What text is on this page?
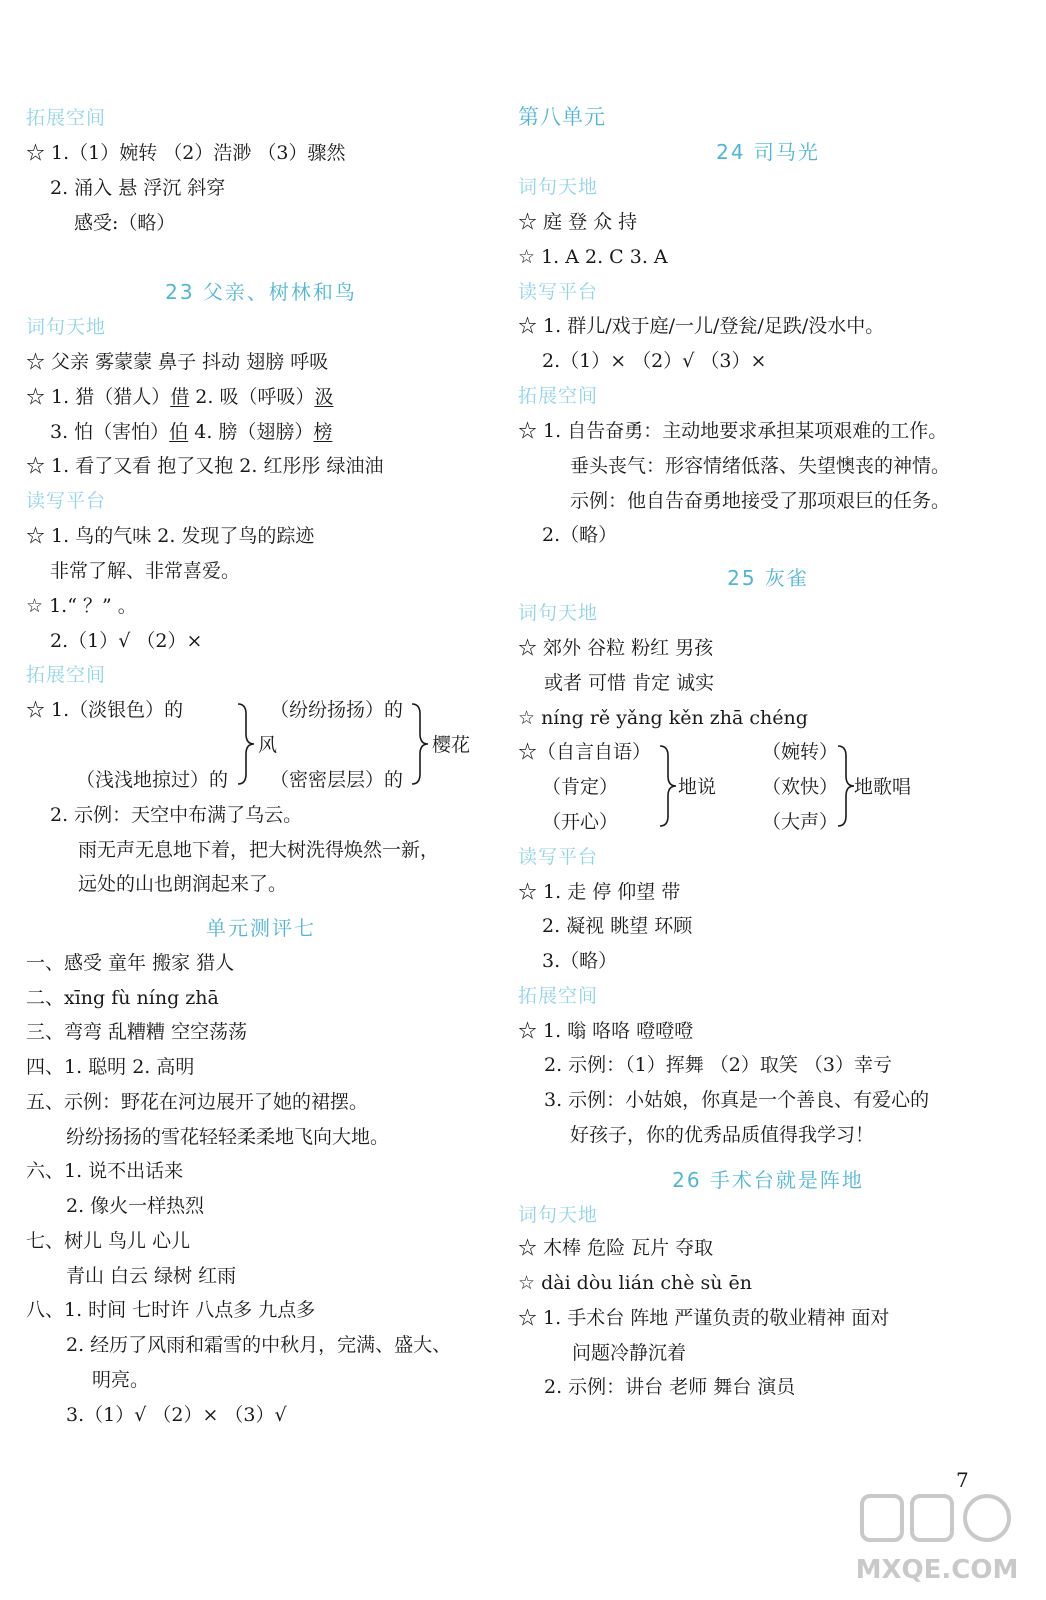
拓展空间
☆ 1.（1）婉转 （2）浩渺 （3）骤然
2. 涌入 悬 浮沉 斜穿
感受:（略）
23 父亲、树林和鸟
词句天地
☆ 父亲 雾蒙蒙 鼻子 抖动 翅膀 呼吸
☆ 1. 猎（猎人）借 2. 吸（呼吸）汲
3. 怕（害怕）伯 4. 膀（翅膀）榜
☆ 1. 看了又看 抱了又抱 2. 红彤彤 绿油油
读写平台
☆ 1. 鸟的气味 2. 发现了鸟的踪迹
非常了解、非常喜爱。
☆ 1.“ ？” 。
2.（1）√ （2）×
拓展空间
☆ 1.（淡银色）的	（纷纷扬扬）的
风	樱花
（浅浅地掠过）的 （密密层层）的
2. 示例：天空中布满了乌云。
雨无声无息地下着，把大树洗得焕然一新，
远处的山也朗润起来了。
单元测评七
一、感受 童年 搬家 猎人
二、xīng fù níng zhā
三、弯弯 乱糟糟 空空荡荡
四、1. 聪明 2. 高明
五、示例：野花在河边展开了她的裙摆。
纷纷扬扬的雪花轻轻柔柔地飞向大地。
六、1. 说不出话来
2. 像火一样热烈
七、树儿 鸟儿 心儿
青山 白云 绿树 红雨
八、1. 时间 七时许 八点多 九点多
2. 经历了风雨和霜雪的中秋月，完满、盛大、
明亮。
3.（1）√ （2）× （3）√
第八单元
24 司马光
词句天地
☆ 庭 登 众 持
☆ 1. A 2. C 3. A
读写平台
☆ 1. 群儿/戏于庭/一儿/登瓮/足跌/没水中。
2.（1）× （2）√ （3）×
拓展空间
☆ 1. 自告奋勇：主动地要求承担某项艰难的工作。
垂头丧气：形容情绪低落、失望懊丧的神情。
示例：他自告奋勇地接受了那项艰巨的任务。
2.（略）
25 灰雀
词句天地
☆ 郊外 谷粒 粉红 男孩
或者 可惜 肯定 诚实
☆ níng rě yǎng kěn zhā chéng
☆（自言自语）	（婉转）
（肯定）	地说 （欢快） 地歌唱
（开心）	（大声）
读写平台
☆ 1. 走 停 仰望 带
2. 凝视 眺望 环顾
3.（略）
拓展空间
☆ 1. 嗡 咯咯 噔噔噔
2. 示例：（1）挥舞 （2）取笑 （3）幸亏
3. 示例：小姑娘，你真是一个善良、有爱心的
好孩子，你的优秀品质值得我学习！
26 手术台就是阵地
词句天地
☆ 木棒 危险 瓦片 夺取
☆ dài dòu lián chè sù ēn
☆ 1. 手术台 阵地 严谨负责的敬业精神 面对
问题冷静沉着
2. 示例：讲台 老师 舞台 演员
7
MXQE.COM
